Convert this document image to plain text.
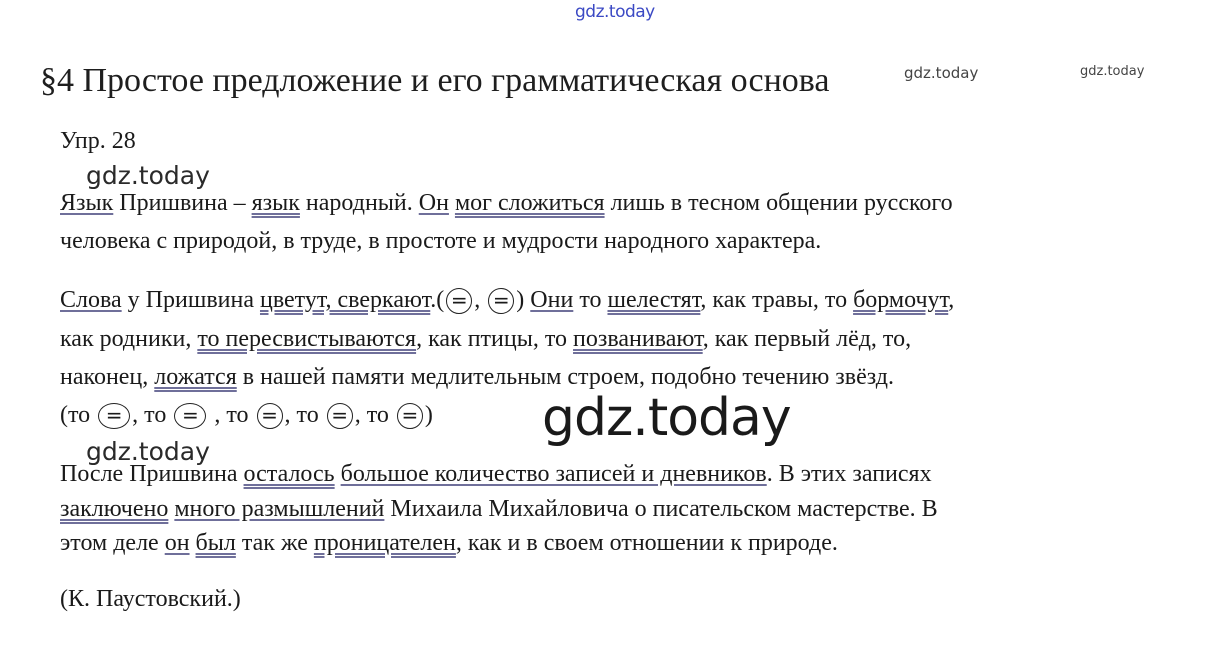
gdz.today
gdz.today	gdz.today
§4 Простое предложение и его грамматическая основа
Упр. 28
gdz.today
Язык Пришвина – язык народный. Он мог сложиться лишь в тесном общении русского
человека с природой, в труде, в простоте и мудрости народного характера.
Слова у Пришвина цветут, сверкают.( = , = ) Они то шелестят, как травы, то бормочут,
как родники, то пересвистываются, как птицы, то позванивают, как первый лёд, то,
наконец, ложатся в нашей памяти медлительным строем, подобно течению звёзд.
(то = , то = , то = , то = , то = ) gdz.today
gdz.today
После Пришвина осталось большое количество записей и дневников. В этих записях
заключено много размышлений Михаила Михайловича о писательском мастерстве. В
этом деле он был так же проницателен, как и в своем отношении к природе.
(К. Паустовский.)
